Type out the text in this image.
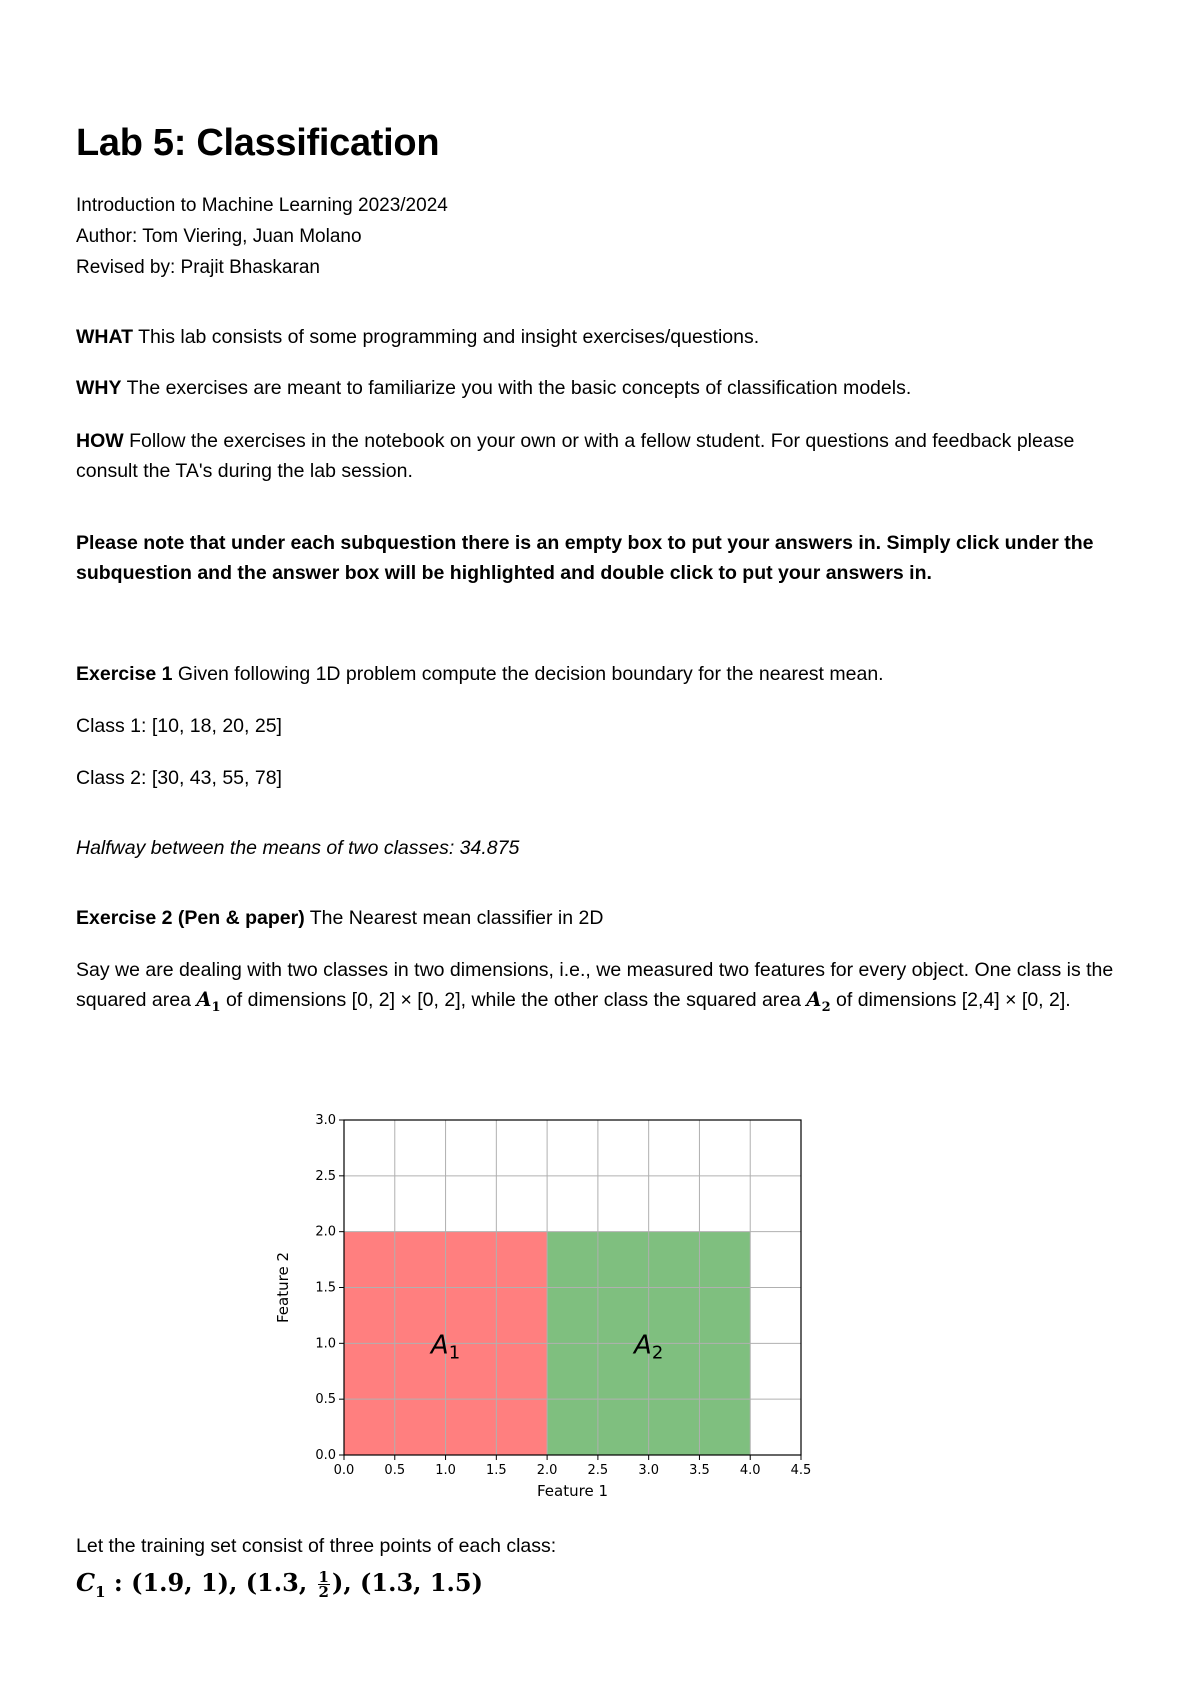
Lab 5: Classification
Introduction to Machine Learning 2023/2024
Author: Tom Viering, Juan Molano
Revised by: Prajit Bhaskaran
WHAT This lab consists of some programming and insight exercises/questions.
WHY The exercises are meant to familiarize you with the basic concepts of classification models.
HOW Follow the exercises in the notebook on your own or with a fellow student. For questions and feedback please consult the TA's during the lab session.
Please note that under each subquestion there is an empty box to put your answers in. Simply click under the subquestion and the answer box will be highlighted and double click to put your answers in.
Exercise 1 Given following 1D problem compute the decision boundary for the nearest mean.
Class 1: [10, 18, 20, 25]
Class 2: [30, 43, 55, 78]
Halfway between the means of two classes: 34.875
Exercise 2 (Pen & paper) The Nearest mean classifier in 2D
Say we are dealing with two classes in two dimensions, i.e., we measured two features for every object. One class is the squared area $A_1$ of dimensions [0, 2] × [0, 2], while the other class the squared area $A_2$ of dimensions [2,4] × [0, 2].
Let the training set consist of three points of each class:
$C_1$ : (1.9, 1), (1.3, $\frac{1}{2}$ ), (1.3, 1.5)
0.0 0.5 1.0 1.5 2.0 2.5 3.0 3.5 4.0 4.5
0.0
0.5
1.0
1.5
2.0
2.5
3.0
A1	A2
Feature 1
Feature 2
